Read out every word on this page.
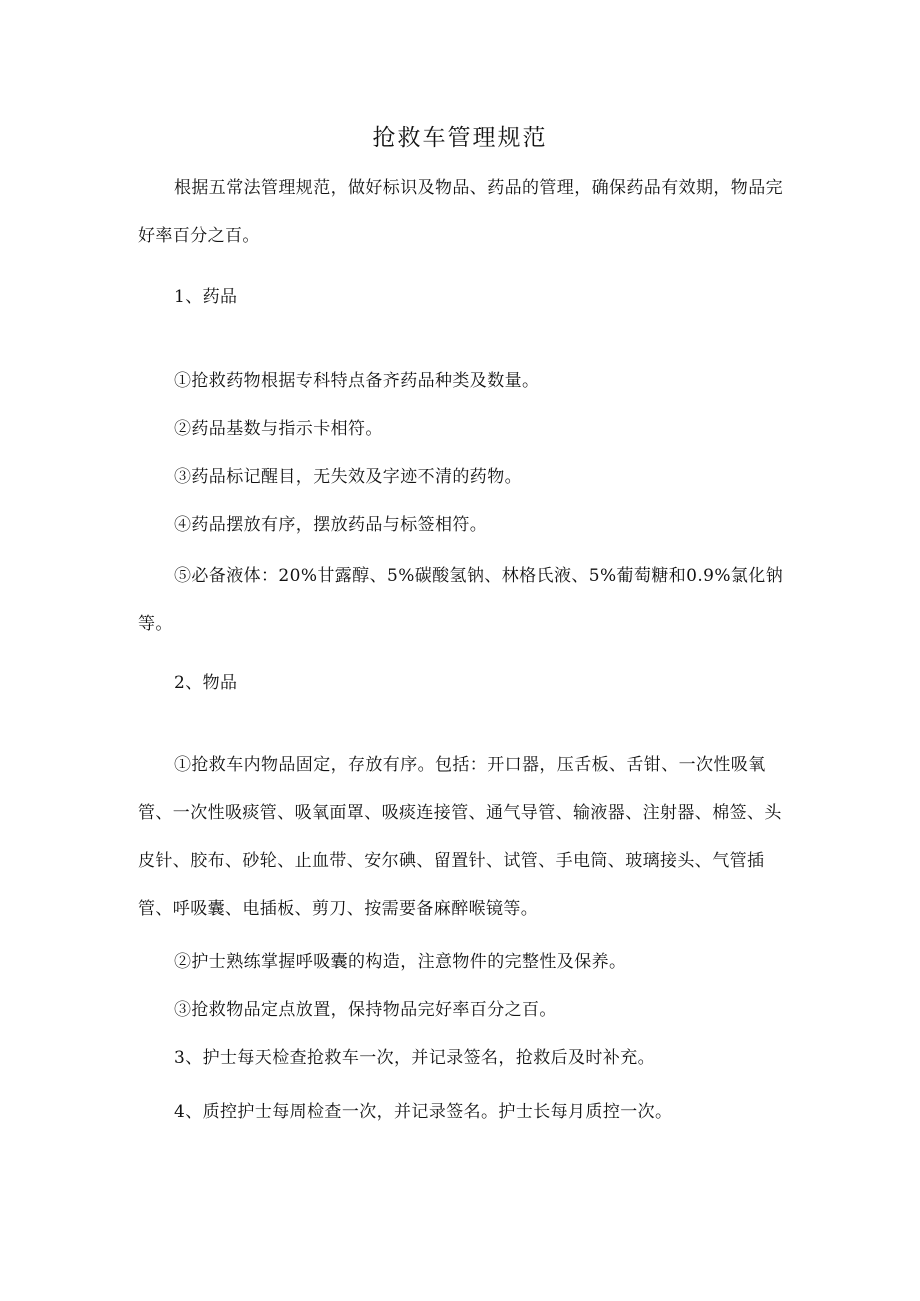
抢救车管理规范

根据五常法管理规范，做好标识及物品、药品的管理，确保药品有效期，物品完好率百分之百。

1、药品

①抢救药物根据专科特点备齐药品种类及数量。

②药品基数与指示卡相符。

③药品标记醒目，无失效及字迹不清的药物。

④药品摆放有序，摆放药品与标签相符。

⑤必备液体：20%甘露醇、5%碳酸氢钠、林格氏液、5%葡萄糖和0.9%氯化钠等。

2、物品

①抢救车内物品固定，存放有序。包括：开口器，压舌板、舌钳、一次性吸氧管、一次性吸痰管、吸氧面罩、吸痰连接管、通气导管、输液器、注射器、棉签、头皮针、胶布、砂轮、止血带、安尔碘、留置针、试管、手电筒、玻璃接头、气管插管、呼吸囊、电插板、剪刀、按需要备麻醉喉镜等。

②护士熟练掌握呼吸囊的构造，注意物件的完整性及保养。

③抢救物品定点放置，保持物品完好率百分之百。

3、护士每天检查抢救车一次，并记录签名，抢救后及时补充。

4、质控护士每周检查一次，并记录签名。护士长每月质控一次。
